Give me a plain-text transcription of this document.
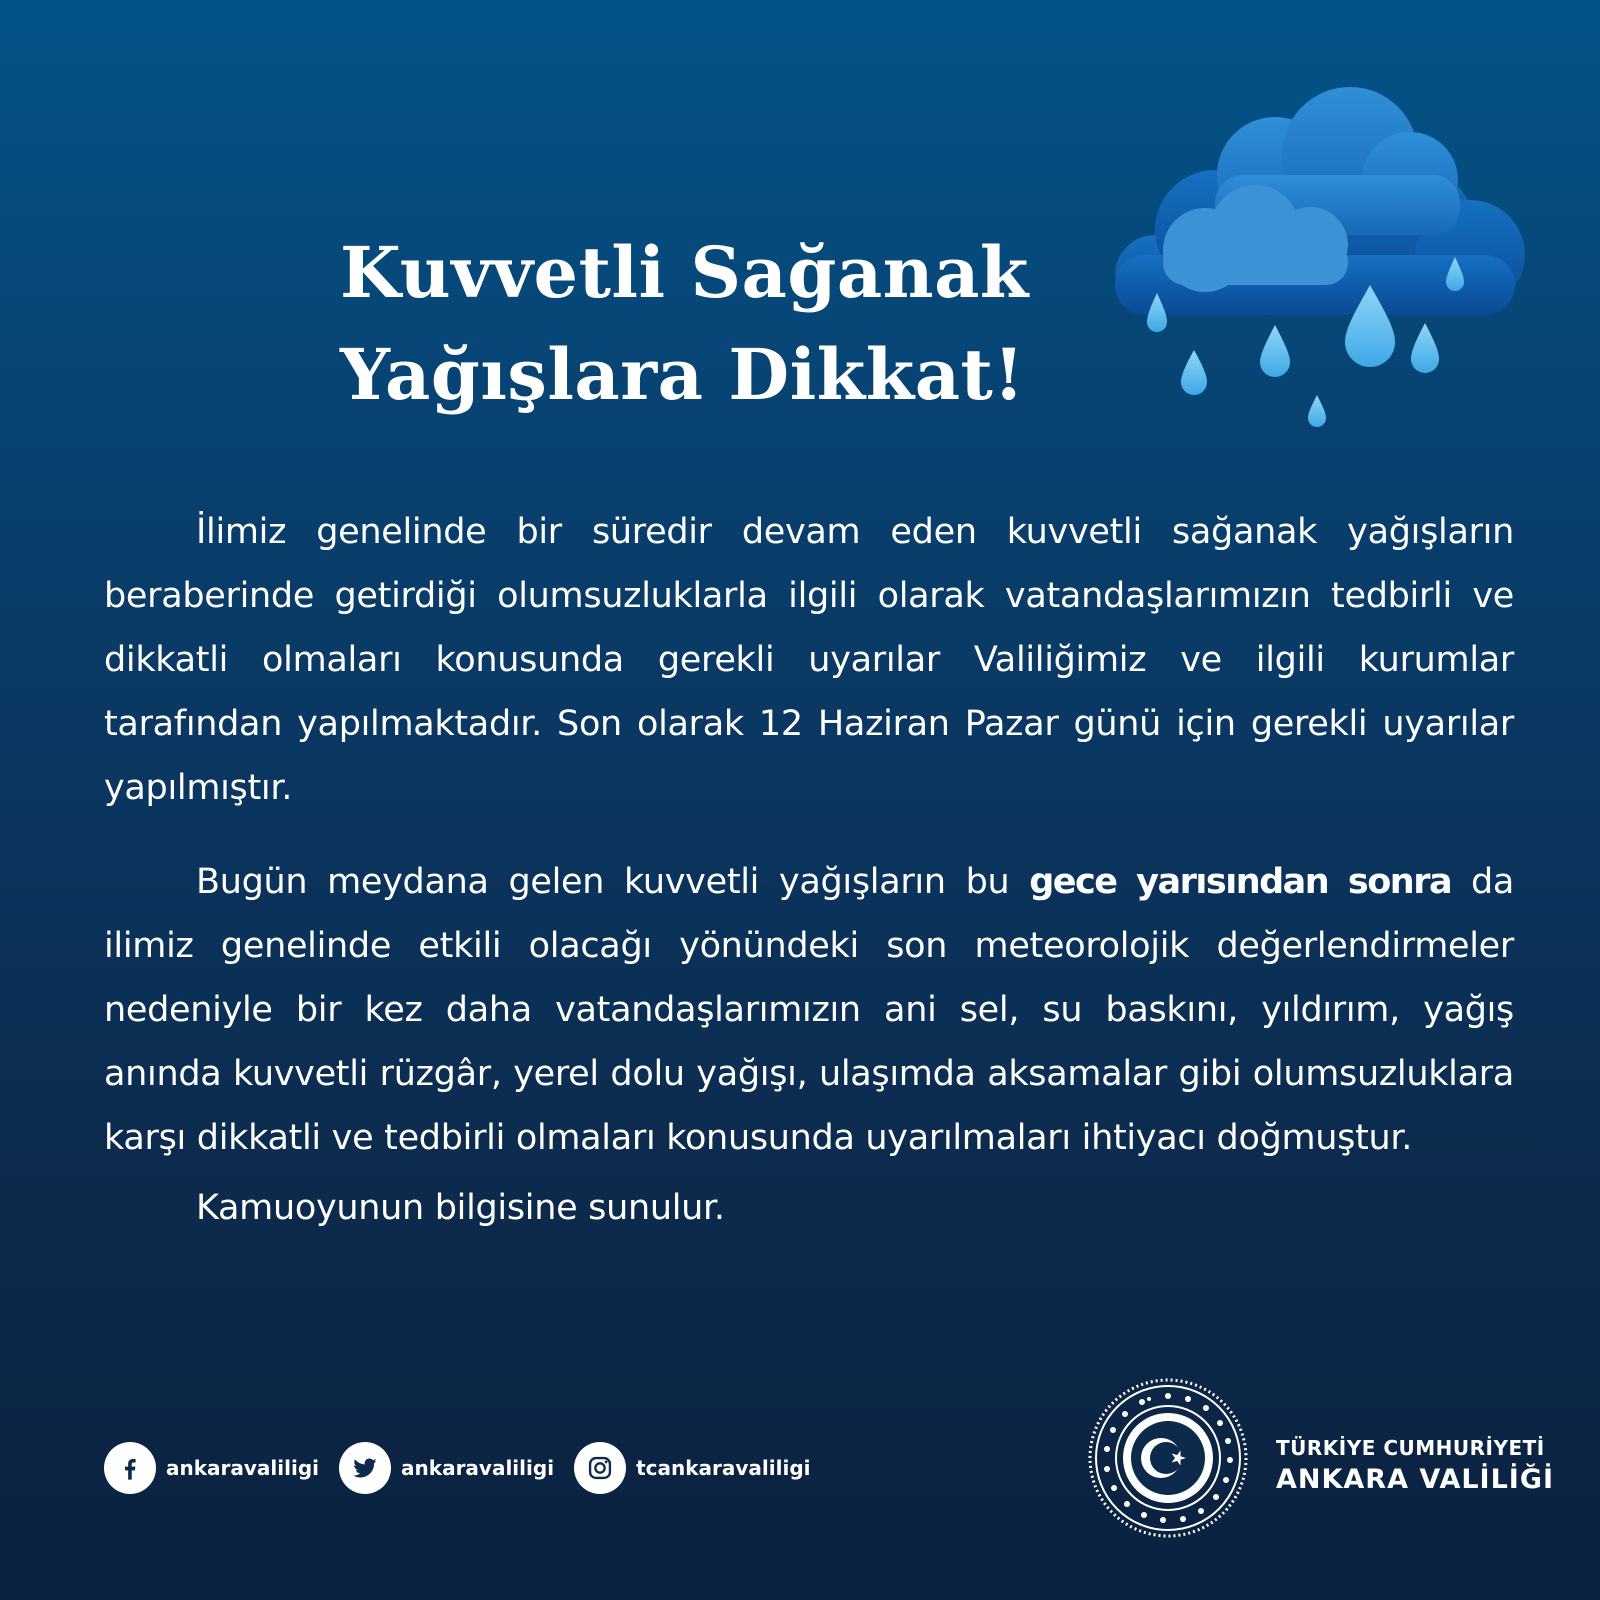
Kuvvetli Sağanak
Yağışlara Dikkat!

İlimiz genelinde bir süredir devam eden kuvvetli sağanak yağışların beraberinde getirdiği olumsuzluklarla ilgili olarak vatandaşlarımızın tedbirli ve dikkatli olmaları konusunda gerekli uyarılar Valiliğimiz ve ilgili kurumlar tarafından yapılmaktadır. Son olarak 12 Haziran Pazar günü için gerekli uyarılar yapılmıştır.

Bugün meydana gelen kuvvetli yağışların bu gece yarısından sonra da ilimiz genelinde etkili olacağı yönündeki son meteorolojik değerlendirmeler nedeniyle bir kez daha vatandaşlarımızın ani sel, su baskını, yıldırım, yağış anında kuvvetli rüzgâr, yerel dolu yağışı, ulaşımda aksamalar gibi olumsuzluklara karşı dikkatli ve tedbirli olmaları konusunda uyarılmaları ihtiyacı doğmuştur.

Kamuoyunun bilgisine sunulur.

ankaravaliligi	ankaravaliligi	tcankaravaliligi
TÜRKİYE CUMHURİYETİ
ANKARA VALİLİĞİ
